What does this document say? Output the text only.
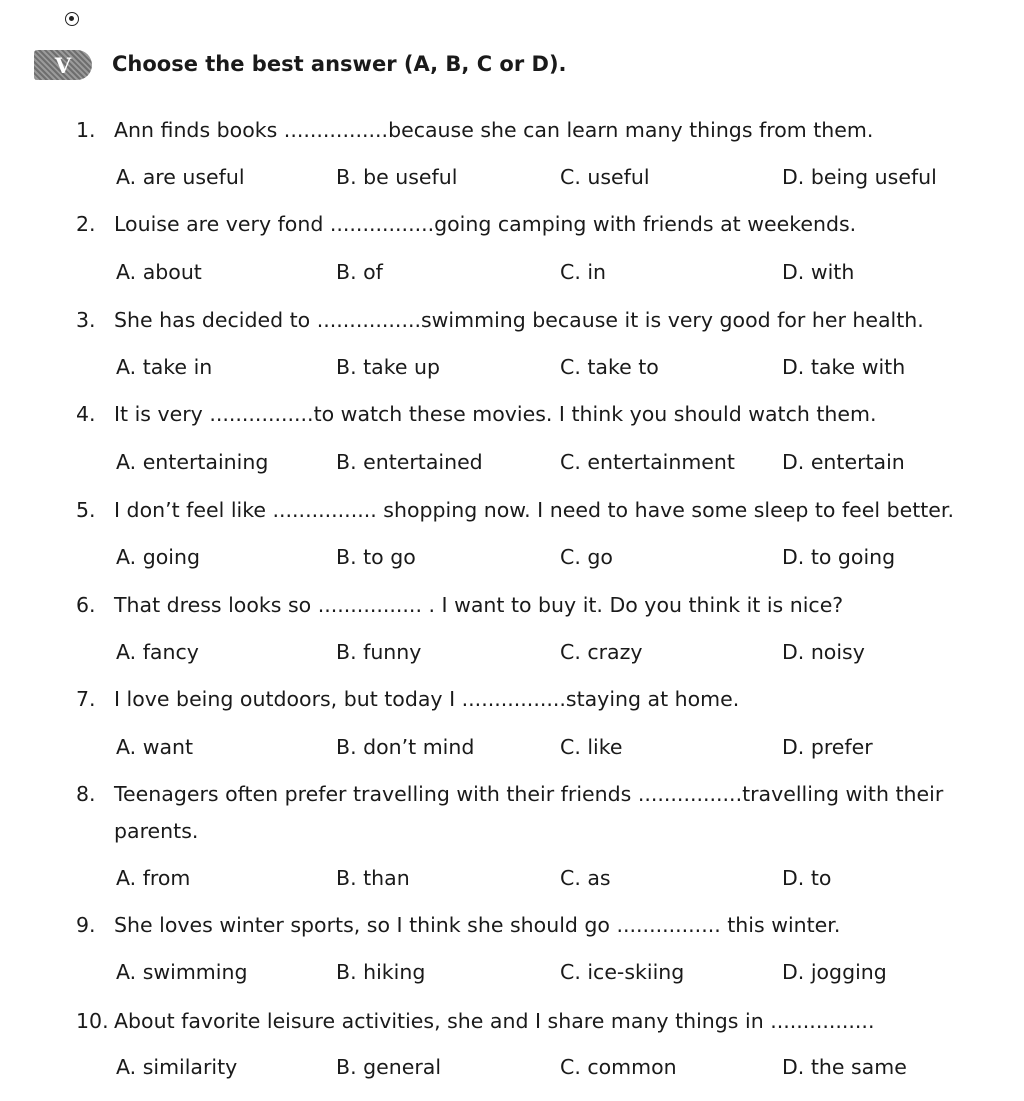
V	Choose the best answer (A, B, C or D).
1. Ann finds books ................because she can learn many things from them.
A. are useful	B. be useful	C. useful	D. being useful
2. Louise are very fond ................going camping with friends at weekends.
A. about	B. of	C. in	D. with
3. She has decided to ................swimming because it is very good for her health.
A. take in	B. take up	C. take to	D. take with
4. It is very ................to watch these movies. I think you should watch them.
A. entertaining	B. entertained	C. entertainment D. entertain
5. I don’t feel like ................ shopping now. I need to have some sleep to feel better.
A. going	B. to go	C. go	D. to going
6. That dress looks so ................ . I want to buy it. Do you think it is nice?
A. fancy	B. funny	C. crazy	D. noisy
7. I love being outdoors, but today I ................staying at home.
A. want	B. don’t mind	C. like	D. prefer
8. Teenagers often prefer travelling with their friends ................travelling with their
parents.
A. from	B. than	C. as	D. to
9. She loves winter sports, so I think she should go ................ this winter.
A. swimming	B. hiking	C. ice-skiing	D. jogging
10. About favorite leisure activities, she and I share many things in ................
A. similarity	B. general	C. common	D. the same
